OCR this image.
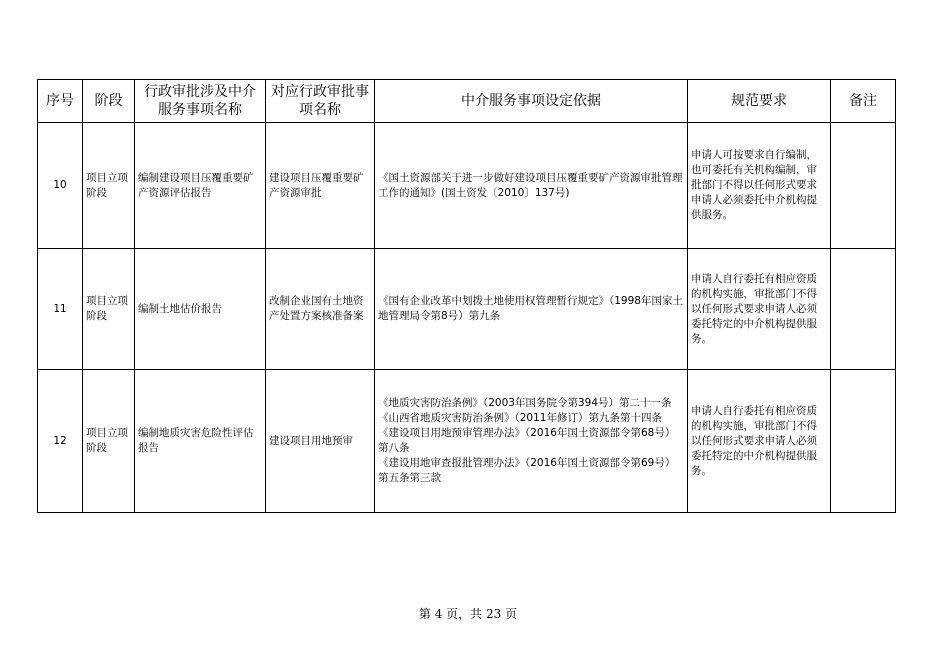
序号	阶段	行政审批涉及中介服务事项名称	对应行政审批事项名称	中介服务事项设定依据	规范要求	备注
10	项目立项阶段	编制建设项目压覆重要矿产资源评估报告	建设项目压覆重要矿产资源审批	《国土资源部关于进一步做好建设项目压覆重要矿产资源审批管理工作的通知》(国土资发〔2010〕137号)	申请人可按要求自行编制，也可委托有关机构编制，审批部门不得以任何形式要求申请人必须委托中介机构提供服务。	
11	项目立项阶段	编制土地估价报告	改制企业国有土地资产处置方案核准备案	《国有企业改革中划拨土地使用权管理暂行规定》（1998年国家土地管理局令第8号）第九条	申请人自行委托有相应资质的机构实施，审批部门不得以任何形式要求申请人必须委托特定的中介机构提供服务。	
12	项目立项阶段	编制地质灾害危险性评估报告	建设项目用地预审	《地质灾害防治条例》（2003年国务院令第394号）第二十一条
《山西省地质灾害防治条例》（2011年修订）第九条第十四条
《建设项目用地预审管理办法》（2016年国土资源部令第68号）第八条
《建设用地审查报批管理办法》（2016年国土资源部令第69号）第五条第三款	申请人自行委托有相应资质的机构实施，审批部门不得以任何形式要求申请人必须委托特定的中介机构提供服务。	
第 4 页，共 23 页
